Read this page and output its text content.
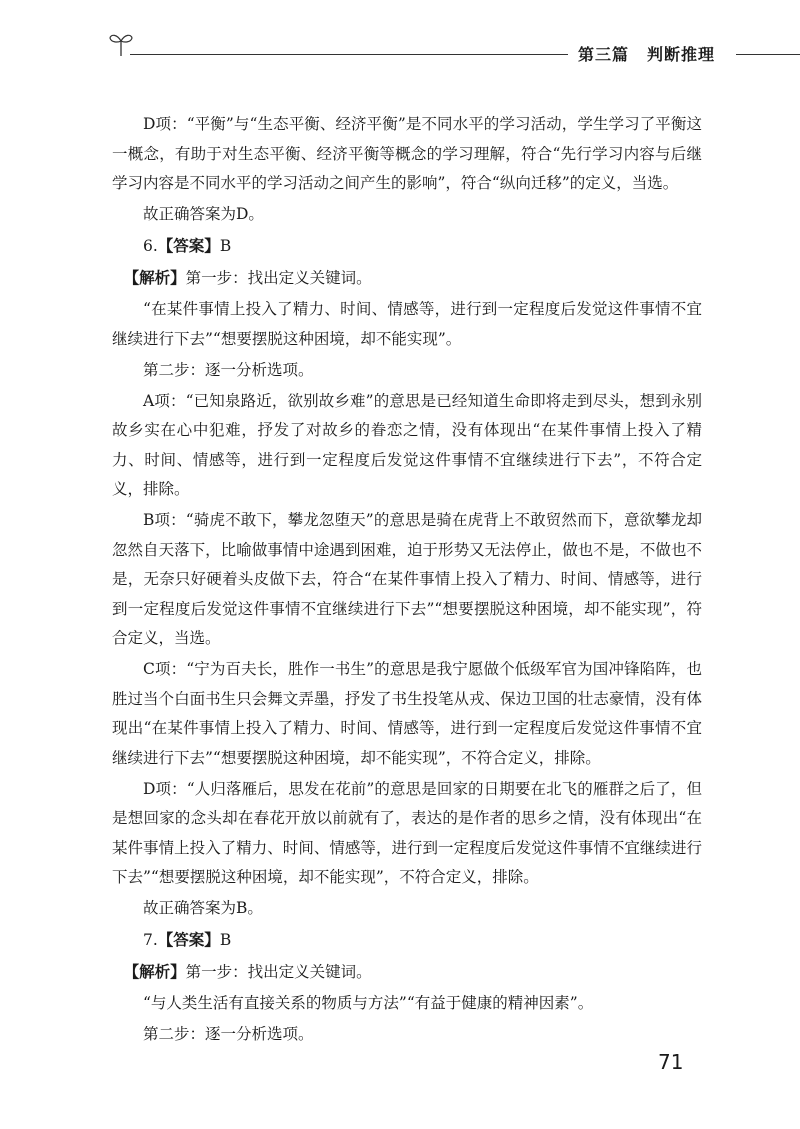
第三篇 判断推理

D项：“平衡”与“生态平衡、经济平衡”是不同水平的学习活动，学生学习了平衡这一概念，有助于对生态平衡、经济平衡等概念的学习理解，符合“先行学习内容与后继学习内容是不同水平的学习活动之间产生的影响”，符合“纵向迁移”的定义，当选。

故正确答案为D。

6.【答案】B

【解析】第一步：找出定义关键词。

“在某件事情上投入了精力、时间、情感等，进行到一定程度后发觉这件事情不宜继续进行下去”“想要摆脱这种困境，却不能实现”。

第二步：逐一分析选项。

A项：“已知泉路近，欲别故乡难”的意思是已经知道生命即将走到尽头，想到永别故乡实在心中犯难，抒发了对故乡的眷恋之情，没有体现出“在某件事情上投入了精力、时间、情感等，进行到一定程度后发觉这件事情不宜继续进行下去”，不符合定义，排除。

B项：“骑虎不敢下，攀龙忽堕天”的意思是骑在虎背上不敢贸然而下，意欲攀龙却忽然自天落下，比喻做事情中途遇到困难，迫于形势又无法停止，做也不是，不做也不是，无奈只好硬着头皮做下去，符合“在某件事情上投入了精力、时间、情感等，进行到一定程度后发觉这件事情不宜继续进行下去”“想要摆脱这种困境，却不能实现”，符合定义，当选。

C项：“宁为百夫长，胜作一书生”的意思是我宁愿做个低级军官为国冲锋陷阵，也胜过当个白面书生只会舞文弄墨，抒发了书生投笔从戎、保边卫国的壮志豪情，没有体现出“在某件事情上投入了精力、时间、情感等，进行到一定程度后发觉这件事情不宜继续进行下去”“想要摆脱这种困境，却不能实现”，不符合定义，排除。

D项：“人归落雁后，思发在花前”的意思是回家的日期要在北飞的雁群之后了，但是想回家的念头却在春花开放以前就有了，表达的是作者的思乡之情，没有体现出“在某件事情上投入了精力、时间、情感等，进行到一定程度后发觉这件事情不宜继续进行下去”“想要摆脱这种困境，却不能实现”，不符合定义，排除。

故正确答案为B。

7.【答案】B

【解析】第一步：找出定义关键词。

“与人类生活有直接关系的物质与方法”“有益于健康的精神因素”。

第二步：逐一分析选项。

71
